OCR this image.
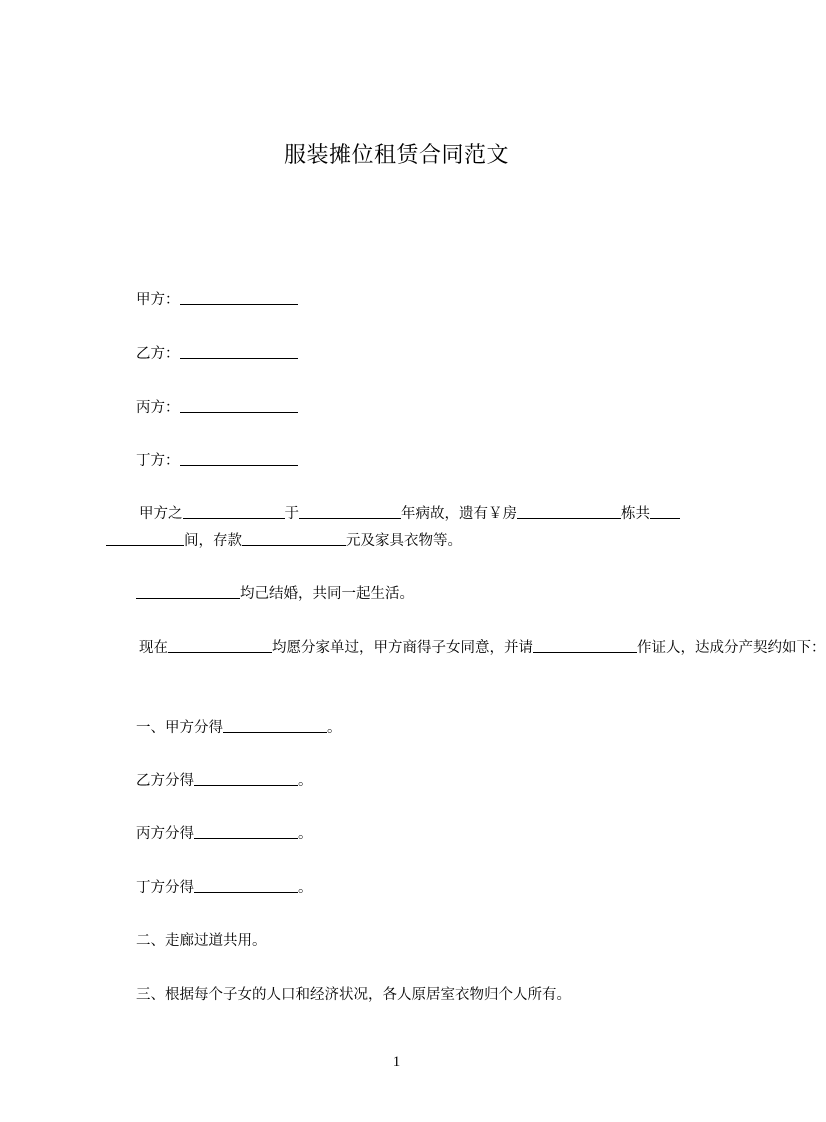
服装摊位租赁合同范文
甲方：
乙方：
丙方：
丁方：
甲方之	于	年病故，遗有￥房	栋共
间，存款	元及家具衣物等。
均己结婚，共同一起生活。
现在	均愿分家单过，甲方商得子女同意，并请	作证人，达成分产契约如下：
一、甲方分得	。
乙方分得	。
丙方分得	。
丁方分得	。
二、走廊过道共用。
三、根据每个子女的人口和经济状况，各人原居室衣物归个人所有。
1
